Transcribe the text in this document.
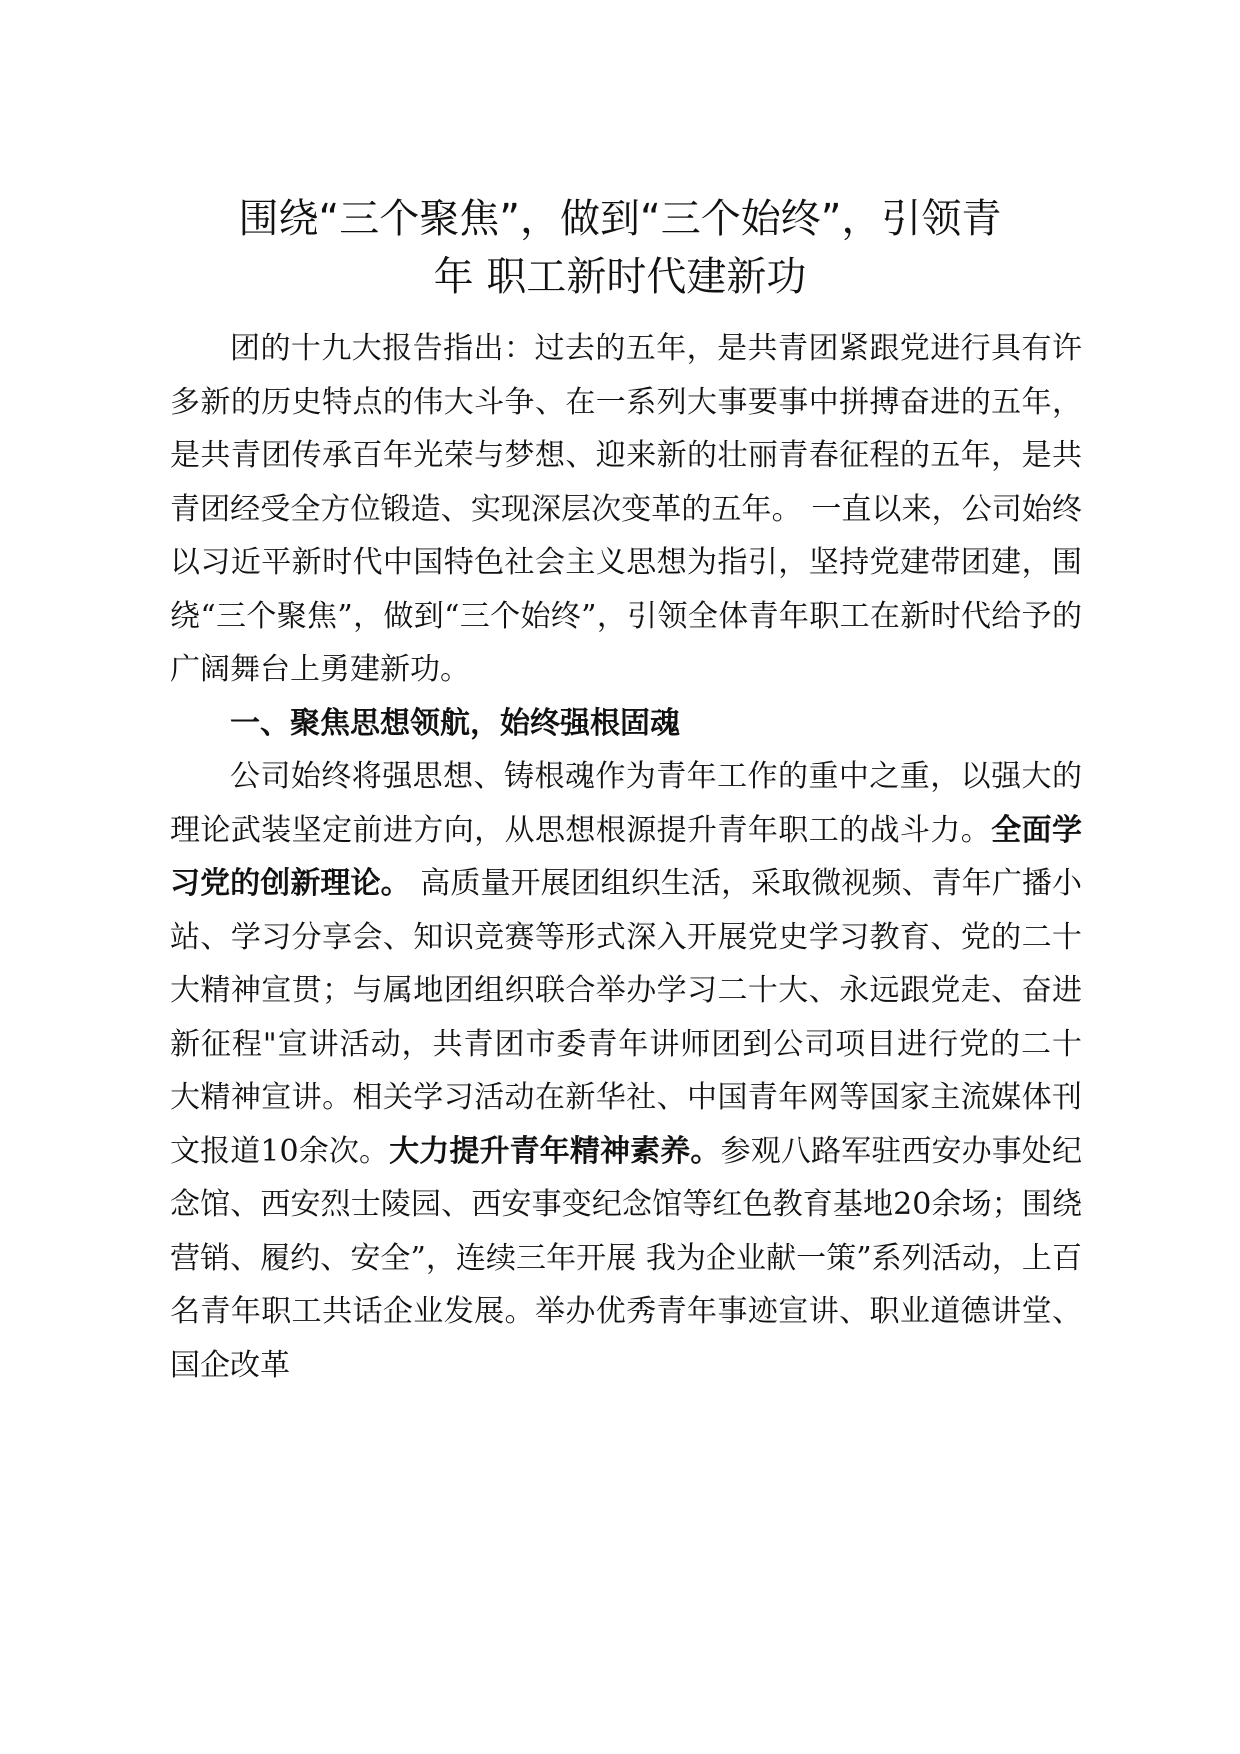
围绕“三个聚焦”，做到“三个始终”，引领青
年 职工新时代建新功

团的十九大报告指出：过去的五年，是共青团紧跟党进行具有许多新的历史特点的伟大斗争、在一系列大事要事中拼搏奋进的五年，是共青团传承百年光荣与梦想、迎来新的壮丽青春征程的五年，是共青团经受全方位锻造、实现深层次变革的五年。 一直以来，公司始终以习近平新时代中国特色社会主义思想为指引，坚持党建带团建，围绕“三个聚焦”，做到“三个始终”，引领全体青年职工在新时代给予的广阔舞台上勇建新功。

一、聚焦思想领航，始终强根固魂

公司始终将强思想、铸根魂作为青年工作的重中之重，以强大的理论武装坚定前进方向，从思想根源提升青年职工的战斗力。全面学习党的创新理论。 高质量开展团组织生活，采取微视频、青年广播小站、学习分享会、知识竞赛等形式深入开展党史学习教育、党的二十大精神宣贯；与属地团组织联合举办学习二十大、永远跟党走、奋进新征程"宣讲活动，共青团市委青年讲师团到公司项目进行党的二十大精神宣讲。相关学习活动在新华社、中国青年网等国家主流媒体刊文报道10余次。大力提升青年精神素养。参观八路军驻西安办事处纪念馆、西安烈士陵园、西安事变纪念馆等红色教育基地20余场；围绕 营销、履约、安全”，连续三年开展 我为企业献一策”系列活动，上百名青年职工共话企业发展。举办优秀青年事迹宣讲、职业道德讲堂、国企改革
